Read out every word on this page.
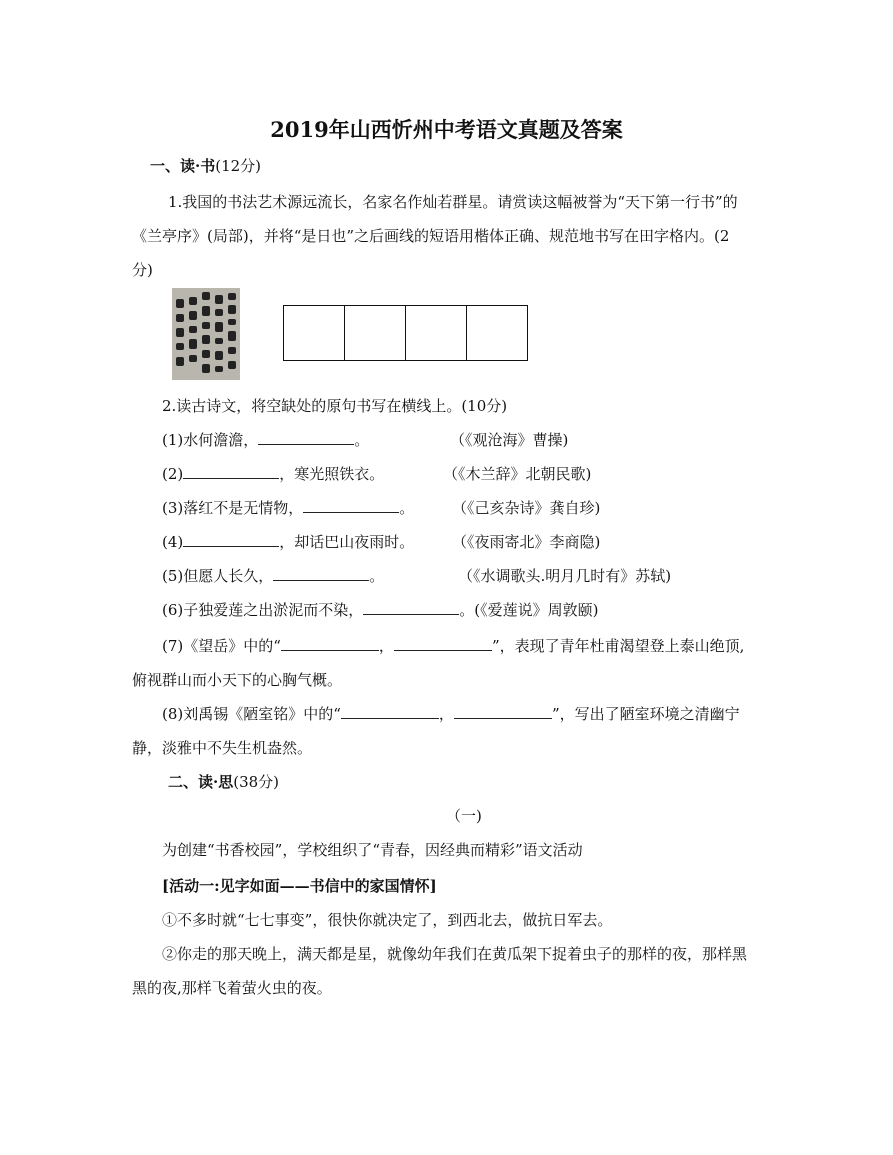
2019年山西忻州中考语文真题及答案
一、读·书(12分)
1.我国的书法艺术源远流长，名家名作灿若群星。请赏读这幅被誉为“天下第一行书”的
《兰亭序》(局部)，并将“是日也”之后画线的短语用楷体正确、规范地书写在田字格内。(2
分)
2.读古诗文，将空缺处的原句书写在横线上。(10分)
(1)水何澹澹，	。	（《观沧海》曹操)
(2)	，寒光照铁衣。	（《木兰辞》北朝民歌)
(3)落红不是无情物，	。	（《己亥杂诗》龚自珍)
(4)	，却话巴山夜雨时。	（《夜雨寄北》李商隐)
(5)但愿人长久，	。	（《水调歌头.明月几时有》苏轼)
(6)子独爱莲之出淤泥而不染，	。(《爱莲说》周敦颐)
(7)《望岳》中的“	，	”，表现了青年杜甫渴望登上泰山绝顶,
俯视群山而小天下的心胸气概。
(8)刘禹锡《陋室铭》中的“	，	”，写出了陋室环境之清幽宁
静，淡雅中不失生机盎然。
二、读·思(38分)
（一)
为创建“书香校园”，学校组织了“青春，因经典而精彩”语文活动
[活动一:见字如面——书信中的家国情怀]
①不多时就“七七事变”，很快你就决定了，到西北去，做抗日军去。
②你走的那天晚上，满天都是星，就像幼年我们在黄瓜架下捉着虫子的那样的夜，那样黑
黑的夜,那样飞着萤火虫的夜。
